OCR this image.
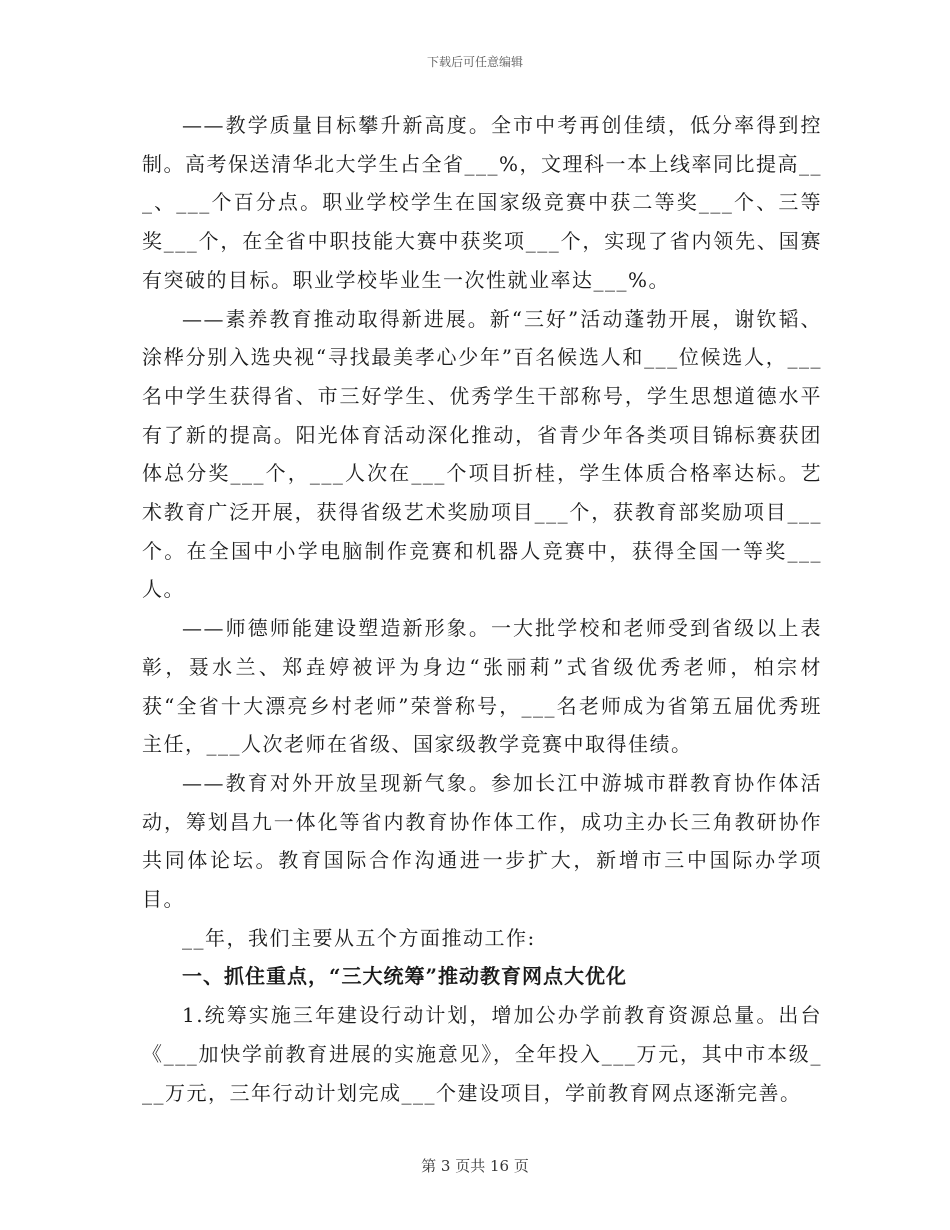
下载后可任意编辑

——教学质量目标攀升新高度。全市中考再创佳绩，低分率得到控制。高考保送清华北大学生占全省___%，文理科一本上线率同比提高___、___个百分点。职业学校学生在国家级竞赛中获二等奖___个、三等奖___个，在全省中职技能大赛中获奖项___个，实现了省内领先、国赛有突破的目标。职业学校毕业生一次性就业率达___%。

——素养教育推动取得新进展。新“三好”活动蓬勃开展，谢钦韬、涂桦分别入选央视“寻找最美孝心少年”百名候选人和___位候选人，___名中学生获得省、市三好学生、优秀学生干部称号，学生思想道德水平有了新的提高。阳光体育活动深化推动，省青少年各类项目锦标赛获团体总分奖___个，___人次在___个项目折桂，学生体质合格率达标。艺术教育广泛开展，获得省级艺术奖励项目___个，获教育部奖励项目___个。在全国中小学电脑制作竞赛和机器人竞赛中，获得全国一等奖___人。

——师德师能建设塑造新形象。一大批学校和老师受到省级以上表彰，聂水兰、郑垚婷被评为身边“张丽莉”式省级优秀老师，柏宗材获“全省十大漂亮乡村老师”荣誉称号，___名老师成为省第五届优秀班主任，___人次老师在省级、国家级教学竞赛中取得佳绩。

——教育对外开放呈现新气象。参加长江中游城市群教育协作体活动，筹划昌九一体化等省内教育协作体工作，成功主办长三角教研协作共同体论坛。教育国际合作沟通进一步扩大，新增市三中国际办学项目。

__年，我们主要从五个方面推动工作:

一、抓住重点，“三大统筹”推动教育网点大优化

1.统筹实施三年建设行动计划，增加公办学前教育资源总量。出台《___加快学前教育进展的实施意见》，全年投入___万元，其中市本级___万元，三年行动计划完成___个建设项目，学前教育网点逐渐完善。

第 3 页共 16 页
